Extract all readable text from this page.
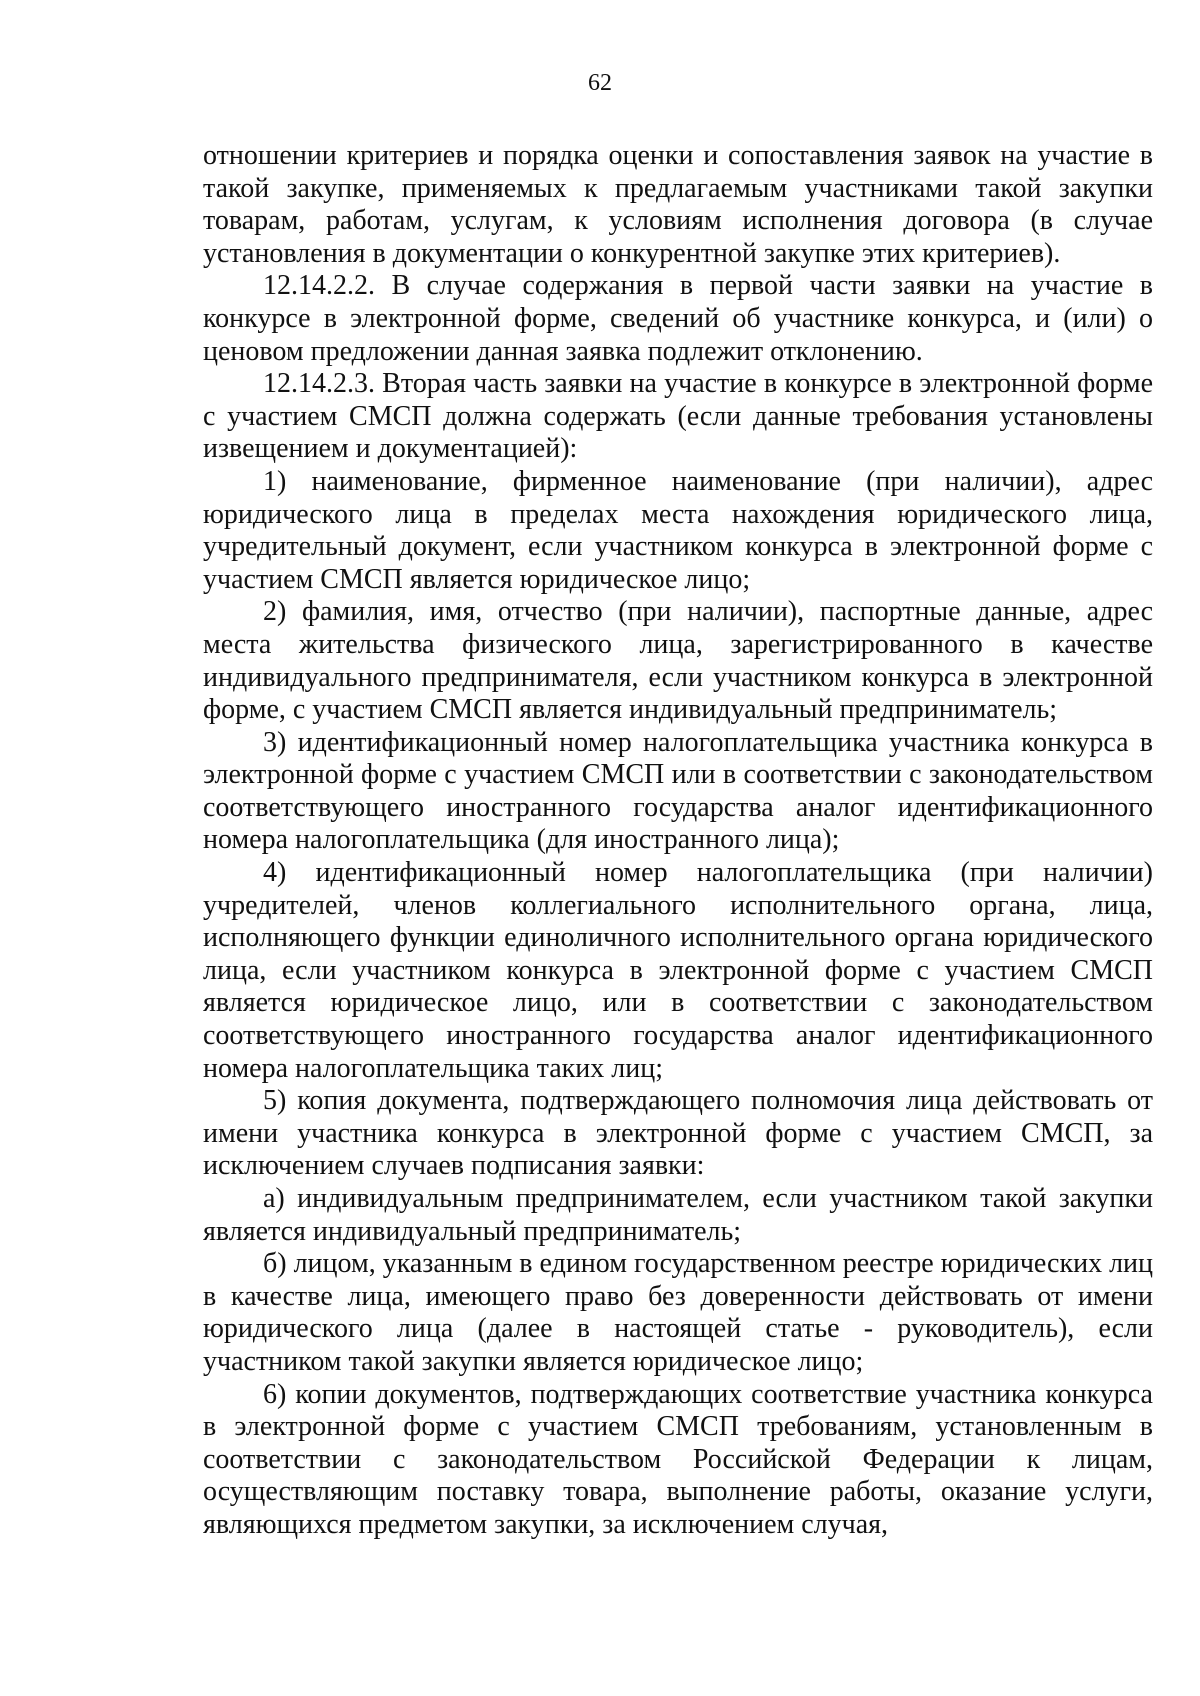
62

отношении критериев и порядка оценки и сопоставления заявок на участие в такой закупке, применяемых к предлагаемым участниками такой закупки товарам, работам, услугам, к условиям исполнения договора (в случае установления в документации о конкурентной закупке этих критериев).

12.14.2.2. В случае содержания в первой части заявки на участие в конкурсе в электронной форме, сведений об участнике конкурса, и (или) о ценовом предложении данная заявка подлежит отклонению.

12.14.2.3. Вторая часть заявки на участие в конкурсе в электронной форме с участием СМСП должна содержать (если данные требования установлены извещением и документацией):

1) наименование, фирменное наименование (при наличии), адрес юридического лица в пределах места нахождения юридического лица, учредительный документ, если участником конкурса в электронной форме с участием СМСП является юридическое лицо;

2) фамилия, имя, отчество (при наличии), паспортные данные, адрес места жительства физического лица, зарегистрированного в качестве индивидуального предпринимателя, если участником конкурса в электронной форме, с участием СМСП является индивидуальный предприниматель;

3) идентификационный номер налогоплательщика участника конкурса в электронной форме с участием СМСП или в соответствии с законодательством соответствующего иностранного государства аналог идентификационного номера налогоплательщика (для иностранного лица);

4) идентификационный номер налогоплательщика (при наличии) учредителей, членов коллегиального исполнительного органа, лица, исполняющего функции единоличного исполнительного органа юридического лица, если участником конкурса в электронной форме с участием СМСП является юридическое лицо, или в соответствии с законодательством соответствующего иностранного государства аналог идентификационного номера налогоплательщика таких лиц;

5) копия документа, подтверждающего полномочия лица действовать от имени участника конкурса в электронной форме с участием СМСП, за исключением случаев подписания заявки:

а) индивидуальным предпринимателем, если участником такой закупки является индивидуальный предприниматель;

б) лицом, указанным в едином государственном реестре юридических лиц в качестве лица, имеющего право без доверенности действовать от имени юридического лица (далее в настоящей статье - руководитель), если участником такой закупки является юридическое лицо;

6) копии документов, подтверждающих соответствие участника конкурса в электронной форме с участием СМСП требованиям, установленным в соответствии с законодательством Российской Федерации к лицам, осуществляющим поставку товара, выполнение работы, оказание услуги, являющихся предметом закупки, за исключением случая,
